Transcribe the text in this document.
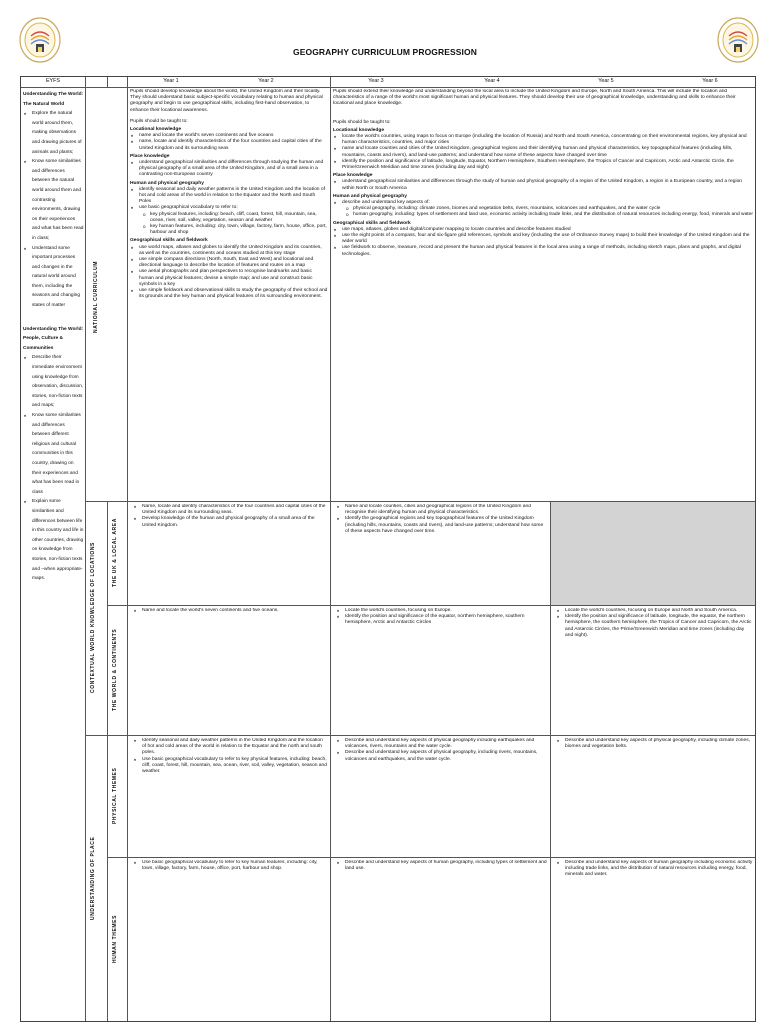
GEOGRAPHY CURRICULUM PROGRESSION
EYFS	Year 1	Year 2	Year 3	Year 4	Year 5	Year 6
Understanding The World: The Natural World
♦ Explore the natural world around them, making observations and drawing pictures of animals and plants;
♦ Know some similarities and differences between the natural world around them and contrasting environments, drawing on their experiences and what has been read in class;
♦ Understand some important processes and changes in the natural world around them, including the seasons and changing states of matter
Understanding The World: People, Culture & Communities
♦ Describe their immediate environment using knowledge from observation, discussion, stories, non-fiction texts and maps;
♦ Know some similarities and differences between different religious and cultural communities in this country, drawing on their experiences and what has been read in class
♦ Explain some similarities and differences between life in this country and life in other countries, drawing on knowledge from stories, non-fiction texts and –when appropriate- maps.
NATIONAL CURRICULUM
CONTEXTUAL WORLD KNOWLEDGE OF LOCATIONS	THE UK & LOCAL AREA
THE WORLD & CONTINENTS
UNDERSTANDING OF PLACE
PHYSICAL THEMES
HUMAN THEMES

Pupils should develop knowledge about the world, the United Kingdom and their locality. They should understand basic subject-specific vocabulary relating to human and physical geography and begin to use geographical skills, including first-hand observation, to enhance their locational awareness.

Pupils should be taught to:
Locational knowledge
♦ name and locate the world's seven continents and five oceans
♦ name, locate and identify characteristics of the four countries and capital cities of the United Kingdom and its surrounding seas
Place knowledge
♦ understand geographical similarities and differences through studying the human and physical geography of a small area of the United Kingdom, and of a small area in a contrasting non-European country
Human and physical geography
♦ identify seasonal and daily weather patterns in the United Kingdom and the location of hot and cold areas of the world in relation to the Equator and the North and South Poles
♦ use basic geographical vocabulary to refer to:
o key physical features, including: beach, cliff, coast, forest, hill, mountain, sea, ocean, river, soil, valley, vegetation, season and weather
o key human features, including: city, town, village, factory, farm, house, office, port, harbour and shop
Geographical skills and fieldwork
♦ use world maps, atlases and globes to identify the United Kingdom and its countries, as well as the countries, continents and oceans studied at this key stage
♦ use simple compass directions (North, South, East and West) and locational and directional language to describe the location of features and routes on a map
♦ use aerial photographs and plan perspectives to recognise landmarks and basic human and physical features; devise a simple map; and use and construct basic symbols in a key
♦ use simple fieldwork and observational skills to study the geography of their school and its grounds and the key human and physical features of its surrounding environment.

Pupils should extend their knowledge and understanding beyond the local area to include the United Kingdom and Europe, North and South America. This will include the location and characteristics of a range of the world's most significant human and physical features. They should develop their use of geographical knowledge, understanding and skills to enhance their locational and place knowledge.

Pupils should be taught to:
Locational knowledge
♦ locate the world's countries, using maps to focus on Europe (including the location of Russia) and North and South America, concentrating on their environmental regions, key physical and human characteristics, countries, and major cities
♦ name and locate counties and cities of the United Kingdom, geographical regions and their identifying human and physical characteristics, key topographical features (including hills, mountains, coasts and rivers), and land-use patterns; and understand how some of these aspects have changed over time
♦ identify the position and significance of latitude, longitude, Equator, Northern Hemisphere, Southern Hemisphere, the Tropics of Cancer and Capricorn, Arctic and Antarctic Circle, the Prime/Greenwich Meridian and time zones (including day and night)
Place knowledge
♦ understand geographical similarities and differences through the study of human and physical geography of a region of the United Kingdom, a region in a European country, and a region within North or South America
Human and physical geography
♦ describe and understand key aspects of:
o physical geography, including: climate zones, biomes and vegetation belts, rivers, mountains, volcanoes and earthquakes, and the water cycle
o human geography, including: types of settlement and land use, economic activity including trade links, and the distribution of natural resources including energy, food, minerals and water
Geographical skills and fieldwork
♦ use maps, atlases, globes and digital/computer mapping to locate countries and describe features studied
♦ use the eight points of a compass, four and six-figure grid references, symbols and key (including the use of Ordnance Survey maps) to build their knowledge of the United Kingdom and the wider world
♦ use fieldwork to observe, measure, record and present the human and physical features in the local area using a range of methods, including sketch maps, plans and graphs, and digital technologies.
♦ Name, locate and identify characteristics of the four countries and capital cities of the United Kingdom and its surrounding seas.
♦ Develop knowledge of the human and physical geography of a small area of the United Kingdom.
♦ Name and locate counties, cities and geographical regions of the United Kingdom and recognise their identifying human and physical characteristics.
♦ Identify the geographical regions and key topographical features of the United Kingdom (including hills, mountains, coasts and rivers), and land-use patterns; understand how some of these aspects have changed over time.
♦ Name and locate the world's seven continents and five oceans.
♦	Locate the world's countries, focusing on Europe.
♦ Identify the position and significance of the equator, northern hemisphere, southern hemisphere, Arctic and Antarctic Circles
♦ Locate the world's countries, focusing on Europe and North and South America.
♦ Identify the position and significance of latitude, longitude, the equator, the northern hemisphere, the southern hemisphere, the Tropics of Cancer and Capricorn, the Arctic and Antarctic Circles, the Prime/Greenwich Meridian and time zones (including day and night).
♦ Identify seasonal and daily weather patterns in the United Kingdom and the location of hot and cold areas of the world in relation to the Equator and the north and south poles.
♦ Use basic geographical vocabulary to refer to key physical features, including: beach, cliff, coast, forest, hill, mountain, sea, ocean, river, soil, valley, vegetation, season and weather.
♦ Describe and understand key aspects of physical geography including earthquakes and volcanoes, rivers, mountains and the water cycle.
♦ Describe and understand key aspects of physical geography, including rivers, mountains, volcanoes and earthquakes, and the water cycle.
♦ Describe and understand key aspects of physical geography, including climate zones, biomes and vegetation belts.
♦ Use basic geographical vocabulary to refer to key human features, including: city, town, village, factory, farm, house, office, port, harbour and shop.
♦ Describe and understand key aspects of human geography, including types of settlement and land use.
♦ Describe and understand key aspects of human geography including economic activity including trade links, and the distribution of natural resources including energy, food, minerals and water.
